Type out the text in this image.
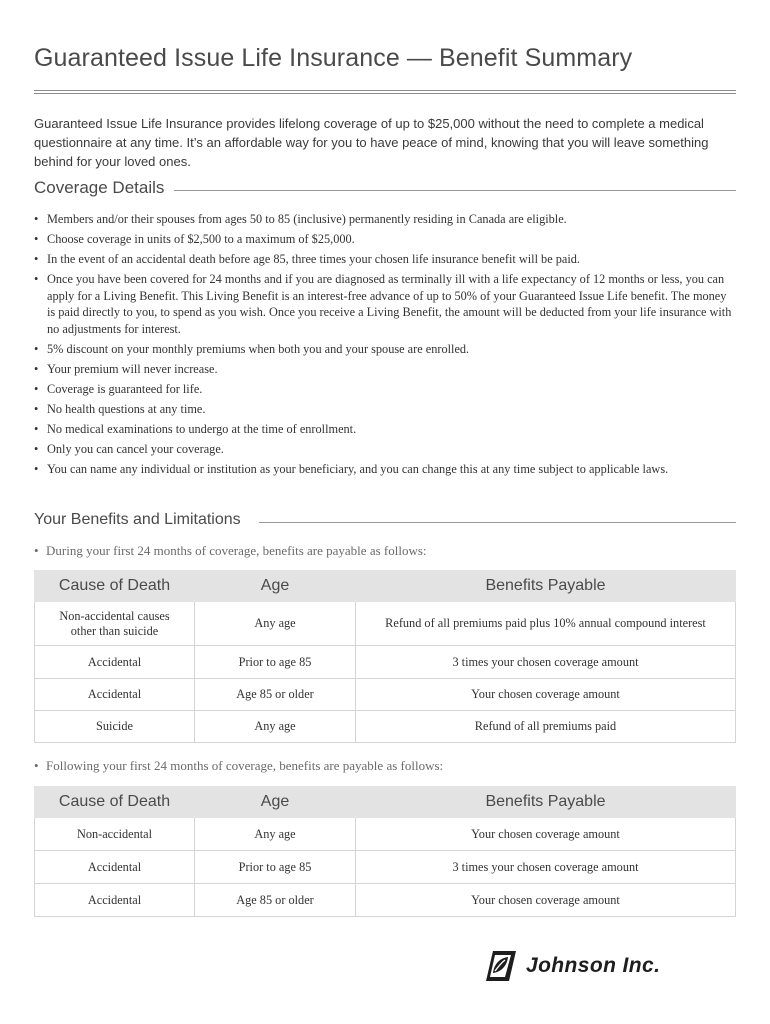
Guaranteed Issue Life Insurance — Benefit Summary

Guaranteed Issue Life Insurance provides lifelong coverage of up to $25,000 without the need to complete a medical questionnaire at any time. It’s an affordable way for you to have peace of mind, knowing that you will leave something behind for your loved ones.

Coverage Details
• Members and/or their spouses from ages 50 to 85 (inclusive) permanently residing in Canada are eligible.
• Choose coverage in units of $2,500 to a maximum of $25,000.
• In the event of an accidental death before age 85, three times your chosen life insurance benefit will be paid.
• Once you have been covered for 24 months and if you are diagnosed as terminally ill with a life expectancy of 12 months or less, you can apply for a Living Benefit. This Living Benefit is an interest-free advance of up to 50% of your Guaranteed Issue Life benefit. The money is paid directly to you, to spend as you wish. Once you receive a Living Benefit, the amount will be deducted from your life insurance with no adjustments for interest.
• 5% discount on your monthly premiums when both you and your spouse are enrolled.
• Your premium will never increase.
• Coverage is guaranteed for life.
• No health questions at any time.
• No medical examinations to undergo at the time of enrollment.
• Only you can cancel your coverage.
• You can name any individual or institution as your beneficiary, and you can change this at any time subject to applicable laws.
Your Benefits and Limitations
• During your first 24 months of coverage, benefits are payable as follows:
Cause of Death	Age	Benefits Payable
Non-accidental causes other than suicide	Any age	Refund of all premiums paid plus 10% annual compound interest
Accidental	Prior to age 85	3 times your chosen coverage amount
Accidental	Age 85 or older	Your chosen coverage amount
Suicide	Any age	Refund of all premiums paid
• Following your first 24 months of coverage, benefits are payable as follows:
Cause of Death	Age	Benefits Payable
Non-accidental	Any age	Your chosen coverage amount
Accidental	Prior to age 85	3 times your chosen coverage amount
Accidental	Age 85 or older	Your chosen coverage amount
Johnson Inc.
